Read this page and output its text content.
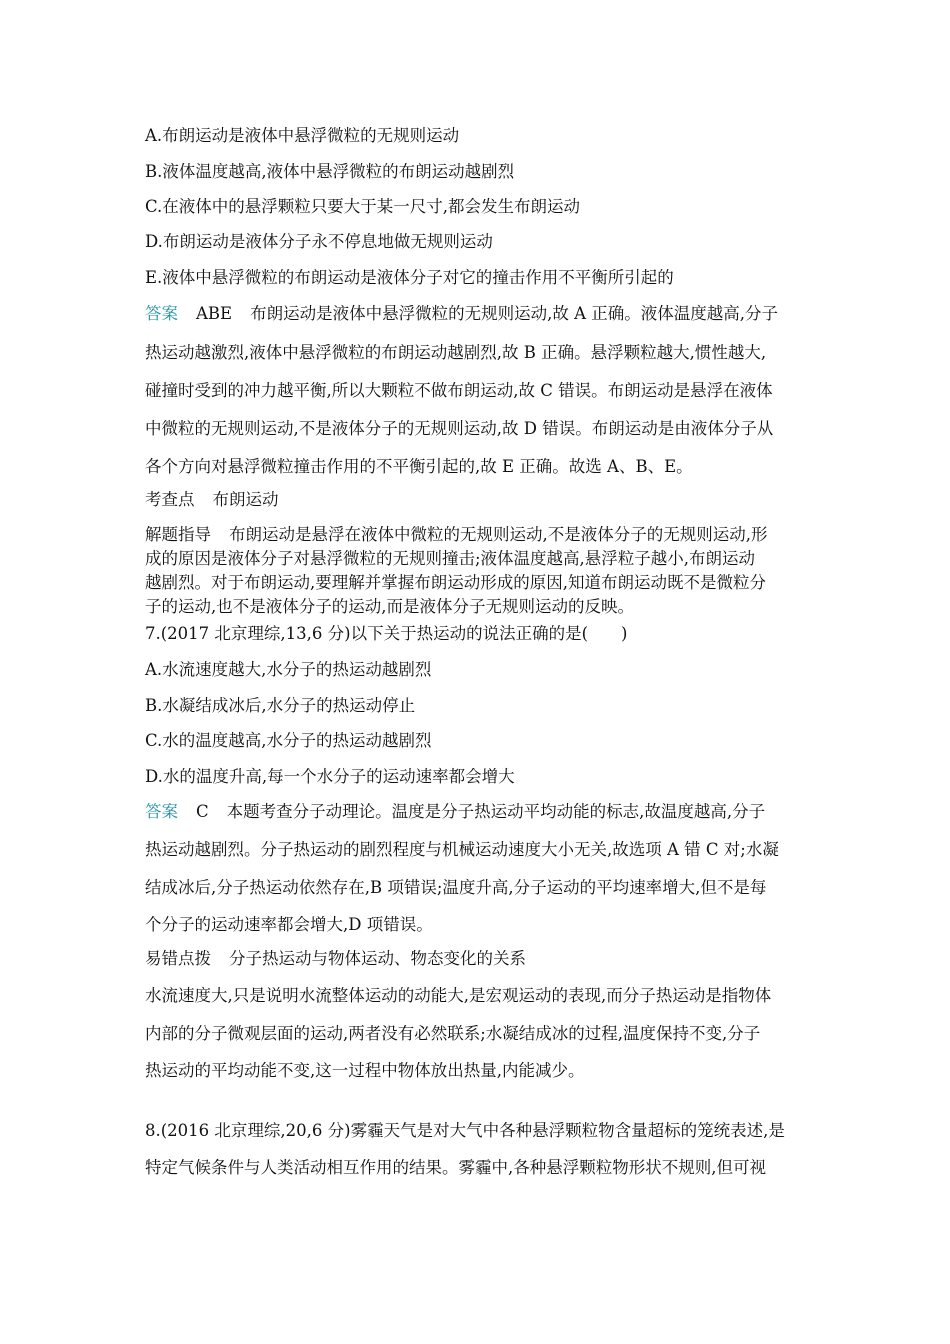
A.布朗运动是液体中悬浮微粒的无规则运动
B.液体温度越高,液体中悬浮微粒的布朗运动越剧烈
C.在液体中的悬浮颗粒只要大于某一尺寸,都会发生布朗运动
D.布朗运动是液体分子永不停息地做无规则运动
E.液体中悬浮微粒的布朗运动是液体分子对它的撞击作用不平衡所引起的
答案 ABE 布朗运动是液体中悬浮微粒的无规则运动,故 A 正确。液体温度越高,分子
热运动越激烈,液体中悬浮微粒的布朗运动越剧烈,故 B 正确。悬浮颗粒越大,惯性越大,
碰撞时受到的冲力越平衡,所以大颗粒不做布朗运动,故 C 错误。布朗运动是悬浮在液体
中微粒的无规则运动,不是液体分子的无规则运动,故 D 错误。布朗运动是由液体分子从
各个方向对悬浮微粒撞击作用的不平衡引起的,故 E 正确。故选 A、B、E。
考查点 布朗运动
解题指导 布朗运动是悬浮在液体中微粒的无规则运动,不是液体分子的无规则运动,形
成的原因是液体分子对悬浮微粒的无规则撞击;液体温度越高,悬浮粒子越小,布朗运动
越剧烈。对于布朗运动,要理解并掌握布朗运动形成的原因,知道布朗运动既不是微粒分
子的运动,也不是液体分子的运动,而是液体分子无规则运动的反映。
7.(2017 北京理综,13,6 分)以下关于热运动的说法正确的是(　　)
A.水流速度越大,水分子的热运动越剧烈
B.水凝结成冰后,水分子的热运动停止
C.水的温度越高,水分子的热运动越剧烈
D.水的温度升高,每一个水分子的运动速率都会增大
答案 C 本题考查分子动理论。温度是分子热运动平均动能的标志,故温度越高,分子
热运动越剧烈。分子热运动的剧烈程度与机械运动速度大小无关,故选项 A 错 C 对;水凝
结成冰后,分子热运动依然存在,B 项错误;温度升高,分子运动的平均速率增大,但不是每
个分子的运动速率都会增大,D 项错误。
易错点拨 分子热运动与物体运动、物态变化的关系
水流速度大,只是说明水流整体运动的动能大,是宏观运动的表现,而分子热运动是指物体
内部的分子微观层面的运动,两者没有必然联系;水凝结成冰的过程,温度保持不变,分子
热运动的平均动能不变,这一过程中物体放出热量,内能减少。
8.(2016 北京理综,20,6 分)雾霾天气是对大气中各种悬浮颗粒物含量超标的笼统表述,是
特定气候条件与人类活动相互作用的结果。雾霾中,各种悬浮颗粒物形状不规则,但可视
